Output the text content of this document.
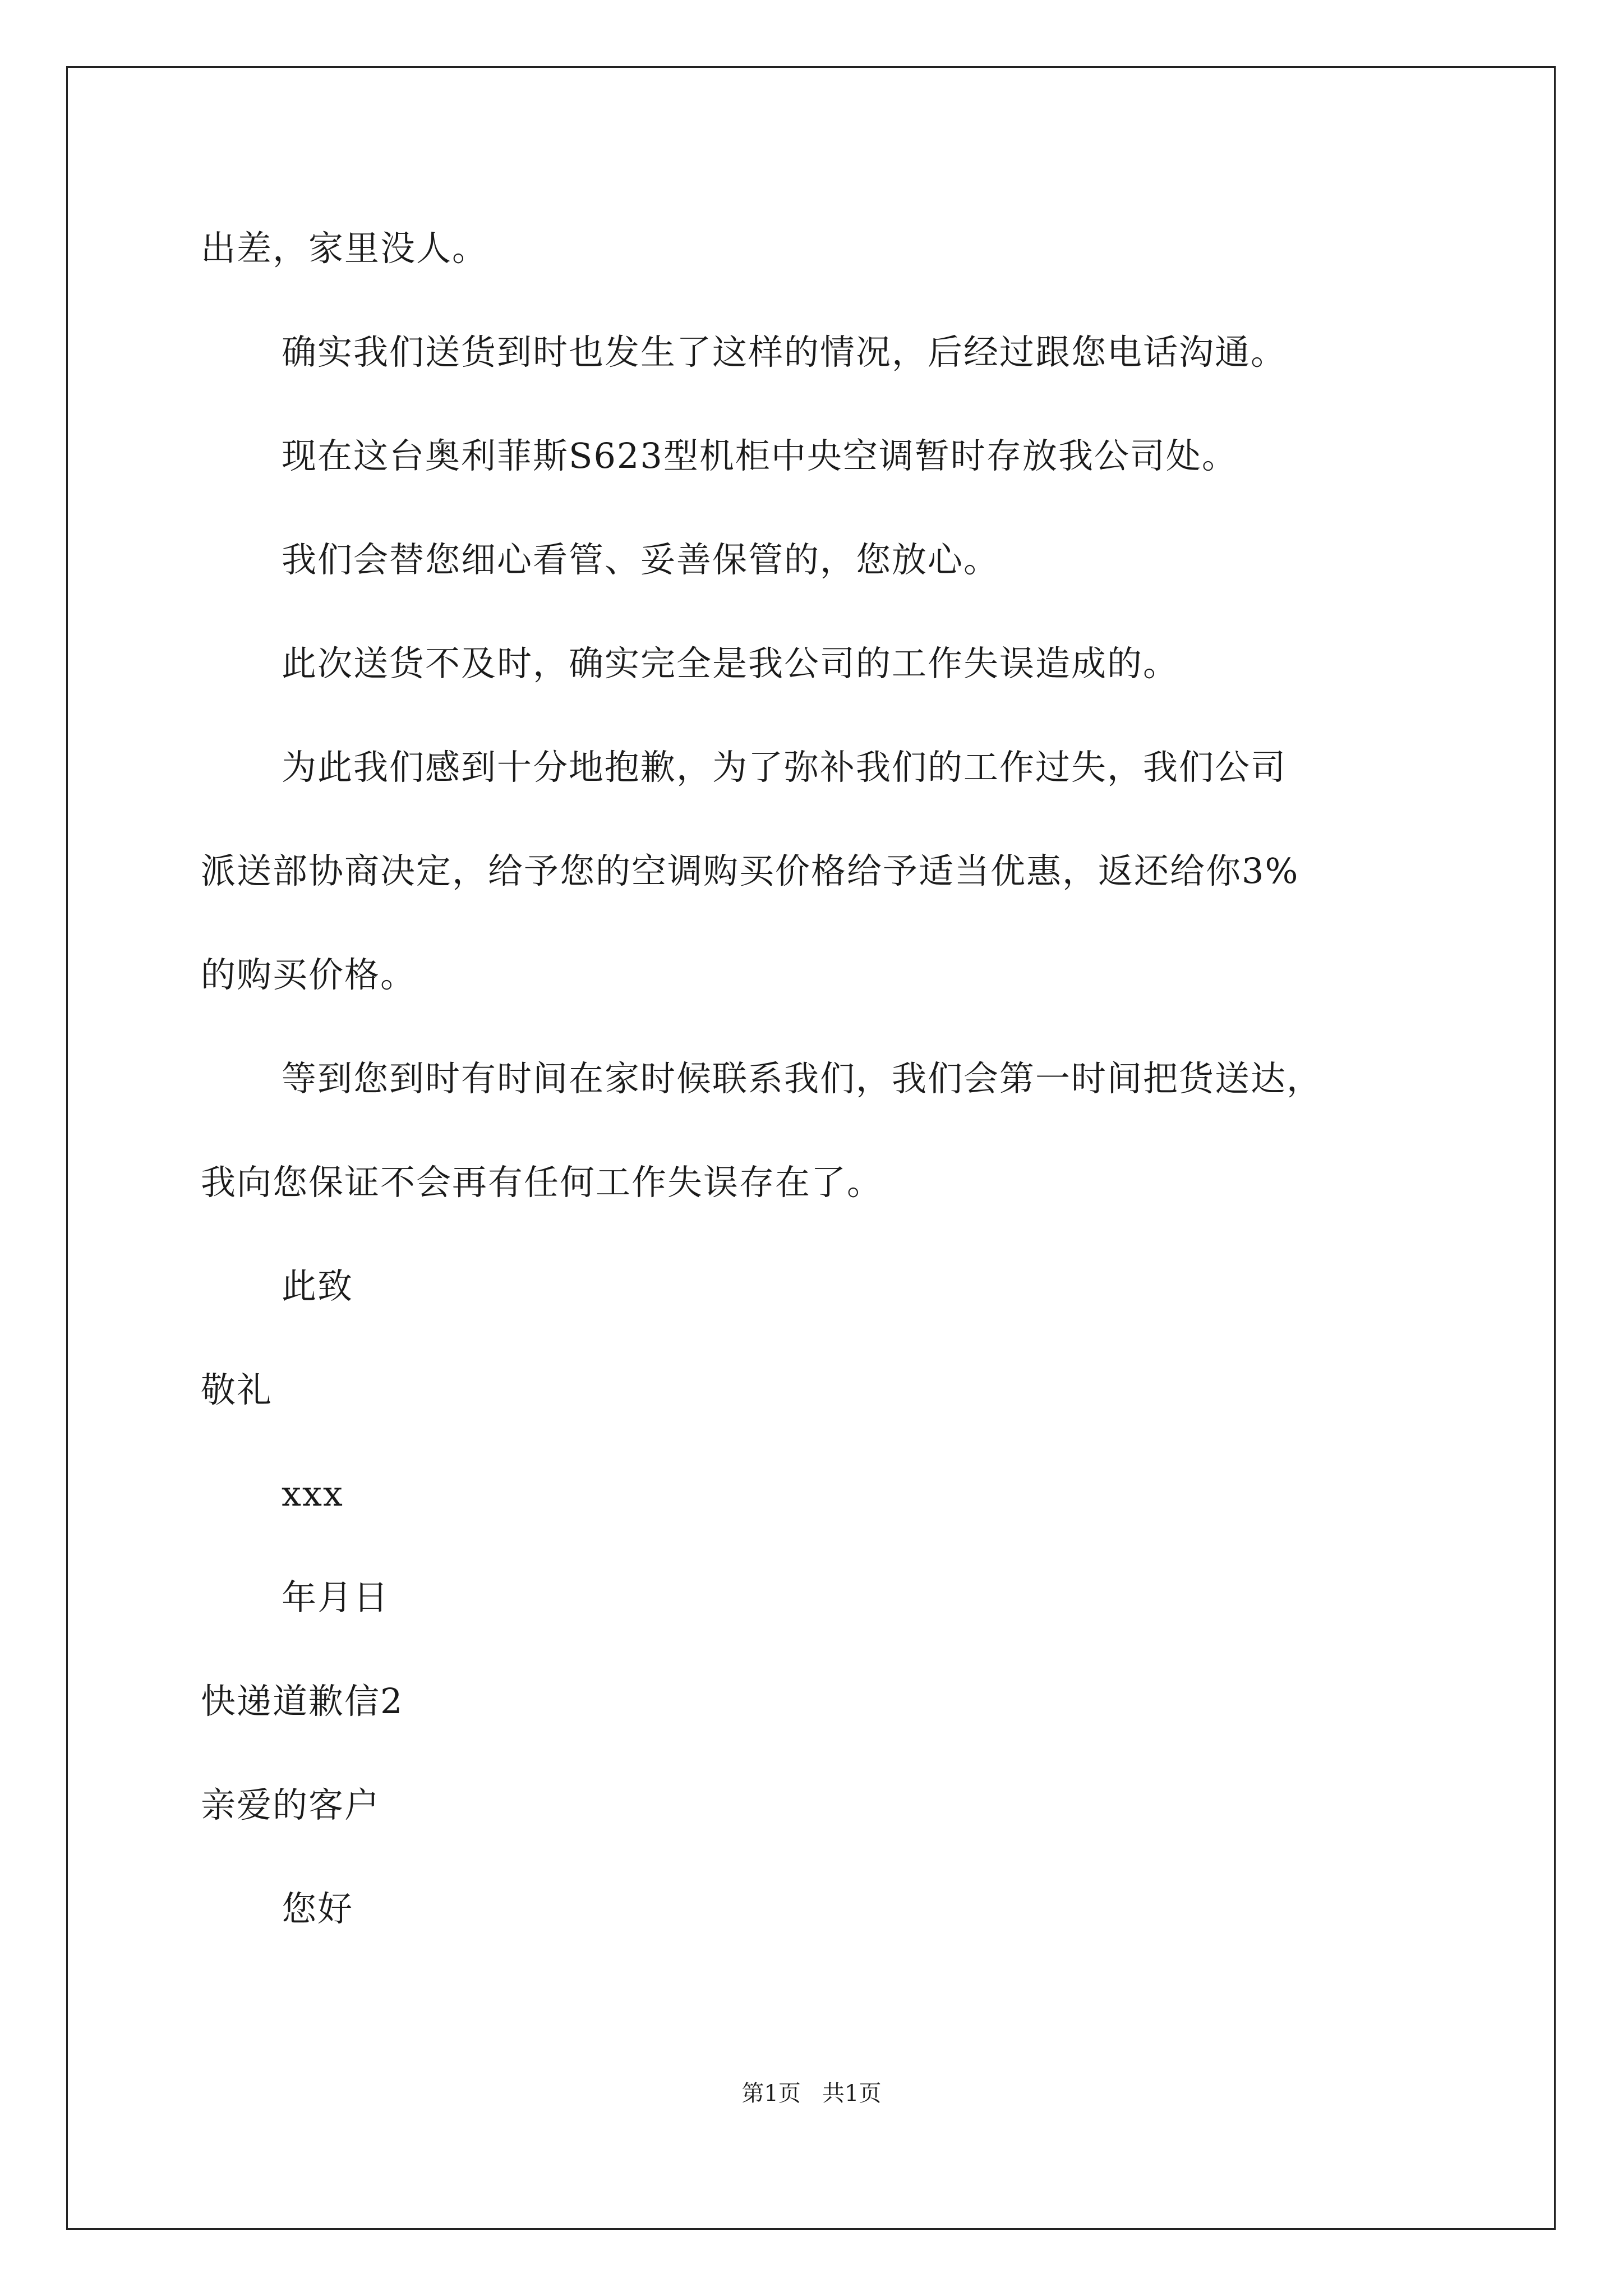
出差，家里没人。
确实我们送货到时也发生了这样的情况，后经过跟您电话沟通。
现在这台奥利菲斯S623型机柜中央空调暂时存放我公司处。
我们会替您细心看管、妥善保管的，您放心。
此次送货不及时，确实完全是我公司的工作失误造成的。
为此我们感到十分地抱歉，为了弥补我们的工作过失，我们公司
派送部协商决定，给予您的空调购买价格给予适当优惠，返还给你3%
的购买价格。
等到您到时有时间在家时候联系我们，我们会第一时间把货送达，
我向您保证不会再有任何工作失误存在了。
此致
敬礼
xxx
年月日
快递道歉信2
亲爱的客户
您好
第1页   共1页
